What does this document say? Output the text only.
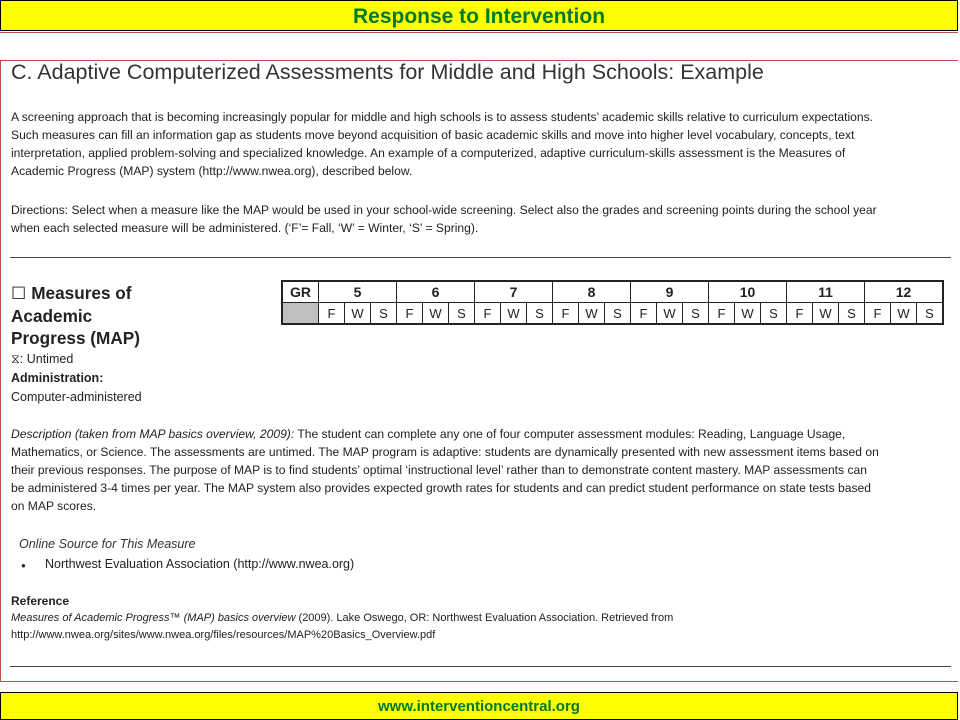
Response to Intervention
C. Adaptive Computerized Assessments for Middle and High Schools: Example
A screening approach that is becoming increasingly popular for middle and high schools is to assess students’ academic skills relative to curriculum expectations.
Such measures can fill an information gap as students move beyond acquisition of basic academic skills and move into higher level vocabulary, concepts, text
interpretation, applied problem-solving and specialized knowledge. An example of a computerized, adaptive curriculum-skills assessment is the Measures of
Academic Progress (MAP) system (http://www.nwea.org), described below.
Directions: Select when a measure like the MAP would be used in your school-wide screening. Select also the grades and screening points during the school year
when each selected measure will be administered. (‘F’= Fall, ‘W’ = Winter, ‘S’ = Spring).
☐ Measures of
Academic
Progress (MAP)
⧖: Untimed
Administration:
Computer-administered
GR	5			6			7			8			9			10			11			12		
	F	W	S	F	W	S	F	W	S	F	W	S	F	W	S	F	W	S	F	W	S	F	W	S
Description (taken from MAP basics overview, 2009): The student can complete any one of four computer assessment modules: Reading, Language Usage,
Mathematics, or Science. The assessments are untimed. The MAP program is adaptive: students are dynamically presented with new assessment items based on
their previous responses. The purpose of MAP is to find students’ optimal ‘instructional level’ rather than to demonstrate content mastery. MAP assessments can
be administered 3-4 times per year. The MAP system also provides expected growth rates for students and can predict student performance on state tests based
on MAP scores.
Online Source for This Measure
● Northwest Evaluation Association (http://www.nwea.org)
Reference
Measures of Academic Progress™ (MAP) basics overview (2009). Lake Oswego, OR: Northwest Evaluation Association. Retrieved from
http://www.nwea.org/sites/www.nwea.org/files/resources/MAP%20Basics_Overview.pdf
www.interventioncentral.org
